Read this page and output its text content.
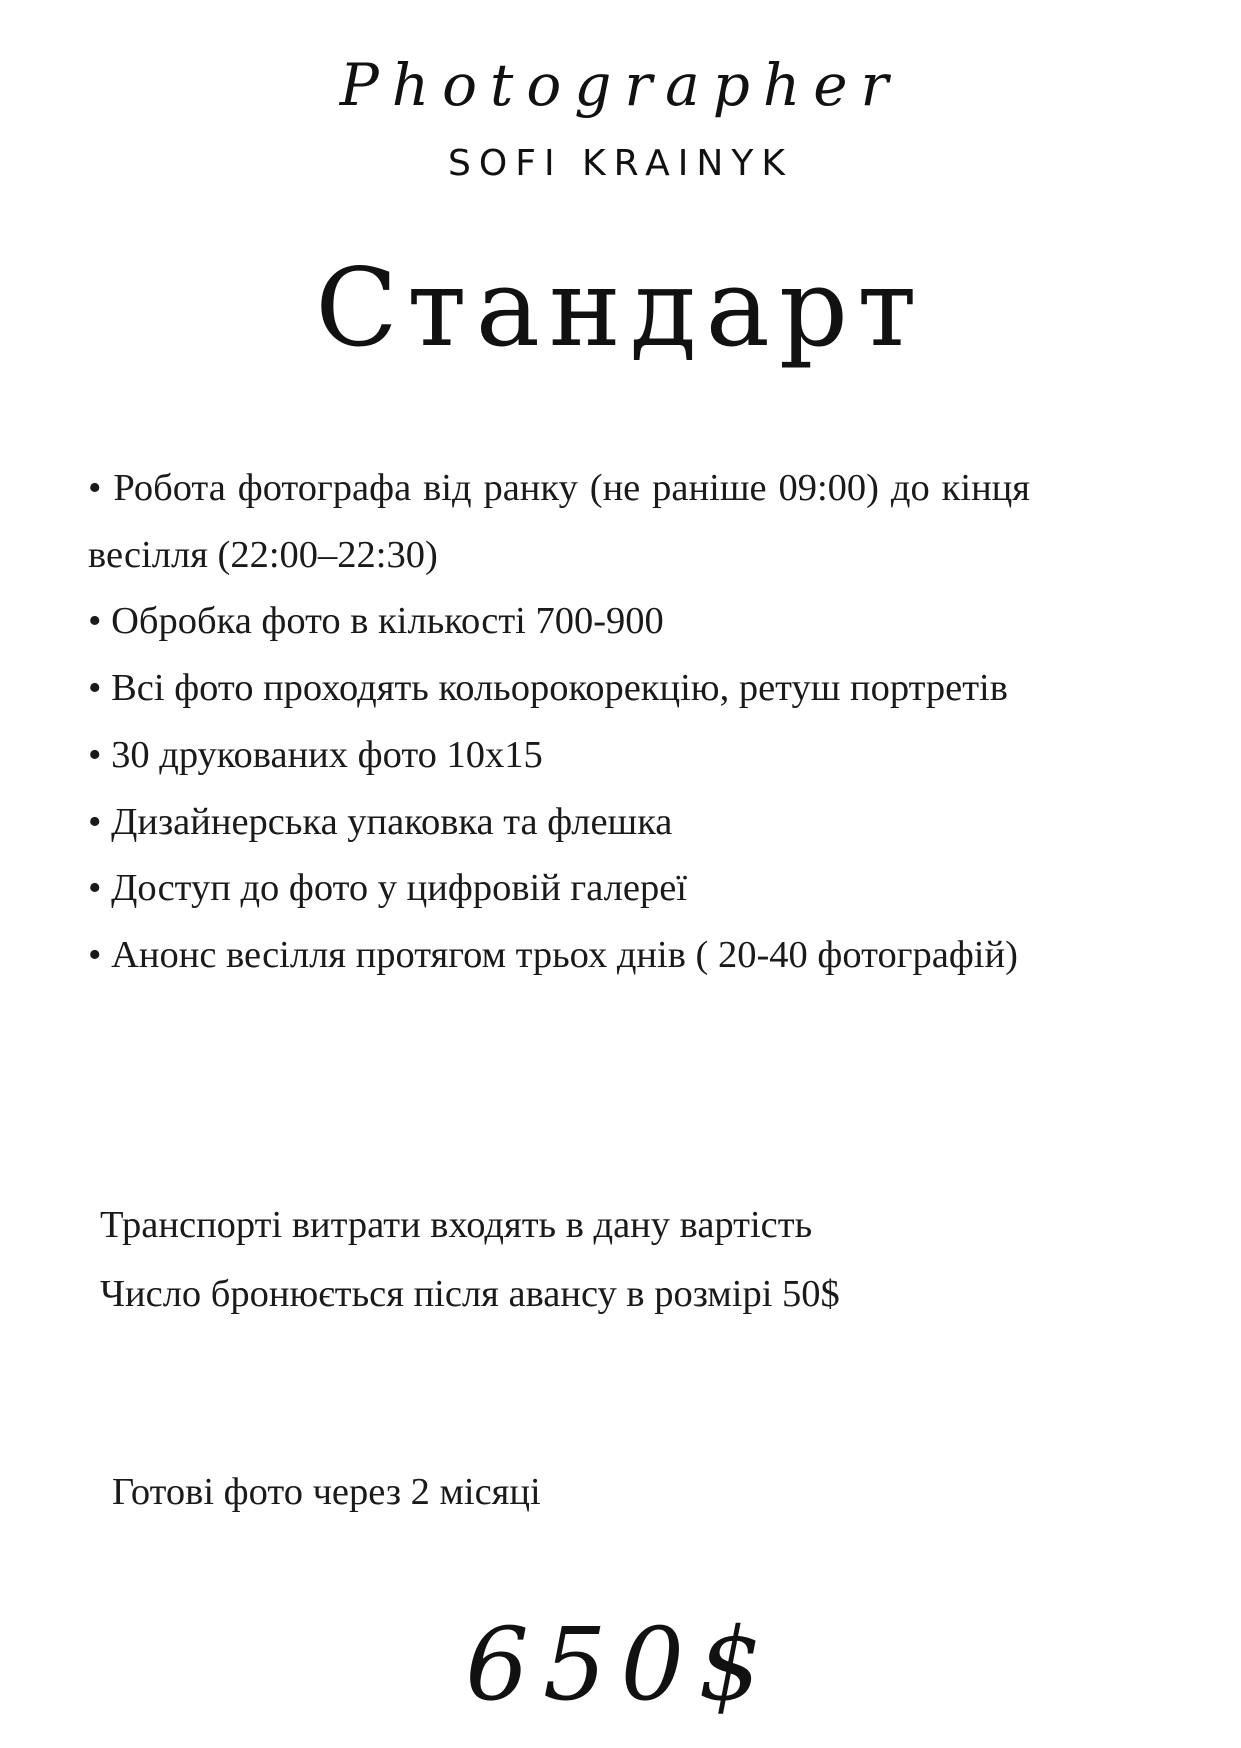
Photographer
SOFI KRAINYK
Стандарт
• Робота фотографа від ранку (не раніше 09:00) до кінця весілля (22:00–22:30)
• Обробка фото в кількості 700-900
• Всі фото проходять кольорокорекцію, ретуш портретів
• 30 друкованих фото 10х15
• Дизайнерська упаковка та флешка
• Доступ до фото у цифровій галереї
• Анонс весілля протягом трьох днів ( 20-40 фотографій)
Транспорті витрати входять в дану вартість
Число бронюється після авансу в розмірі 50$
Готові фото через 2 місяці
650$
